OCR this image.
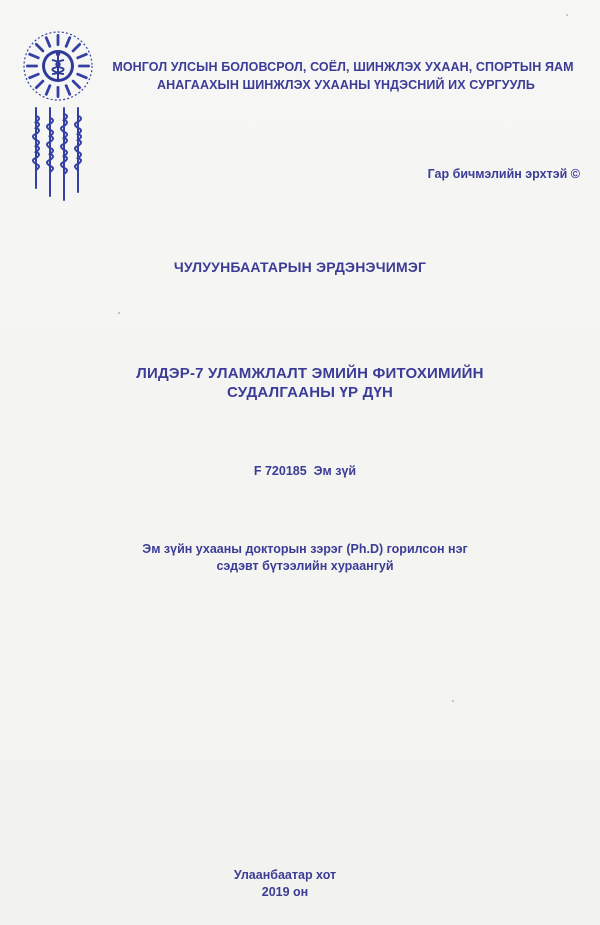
МОНГОЛ УЛСЫН БОЛОВСРОЛ, СОЁЛ, ШИНЖЛЭХ УХААН, СПОРТЫН ЯАМ
АНАГААХЫН ШИНЖЛЭХ УХААНЫ ҮНДЭСНИЙ ИХ СУРГУУЛЬ
Гар бичмэлийн эрхтэй ©
ЧУЛУУНБААТАРЫН ЭРДЭНЭЧИМЭГ
ЛИДЭР-7 УЛАМЖЛАЛТ ЭМИЙН ФИТОХИМИЙН
СУДАЛГААНЫ ҮР ДҮН
F 720185  Эм зүй
Эм зүйн ухааны докторын зэрэг (Ph.D) горилсон нэг
сэдэвт бүтээлийн хураангуй
Улаанбаатар хот
2019 он
